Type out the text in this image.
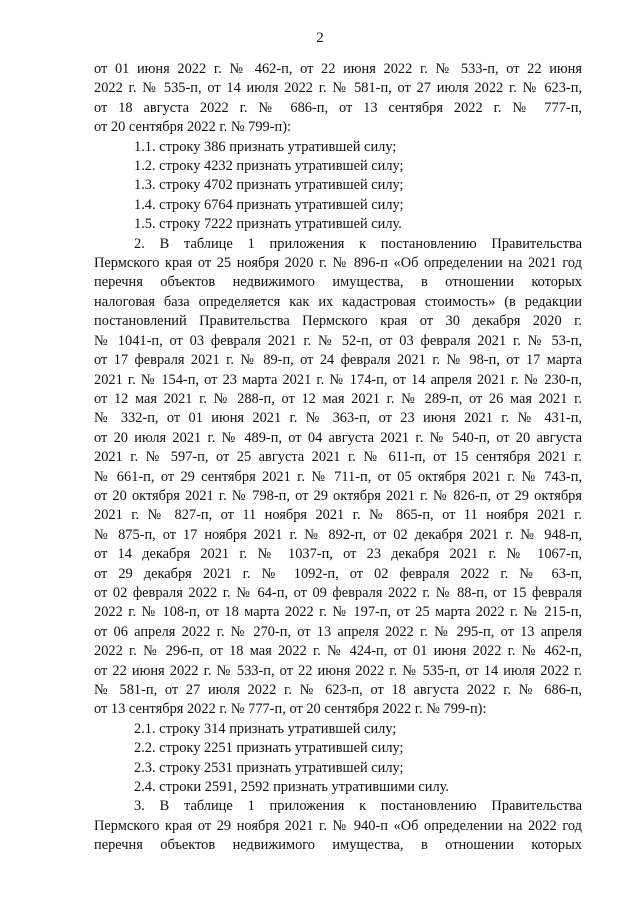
2

от 01 июня 2022 г. № 462-п, от 22 июня 2022 г. № 533-п, от 22 июня

2022 г. № 535-п, от 14 июля 2022 г. № 581-п, от 27 июля 2022 г. № 623-п,

от 18 августа 2022 г. № 686-п, от 13 сентября 2022 г. № 777-п,

от 20 сентября 2022 г. № 799-п):

1.1. строку 386 признать утратившей силу;

1.2. строку 4232 признать утратившей силу;

1.3. строку 4702 признать утратившей силу;

1.4. строку 6764 признать утратившей силу;

1.5. строку 7222 признать утратившей силу.

2. В таблице 1 приложения к постановлению Правительства

Пермского края от 25 ноября 2020 г. № 896-п «Об определении на 2021 год

перечня объектов недвижимого имущества, в отношении которых

налоговая база определяется как их кадастровая стоимость» (в редакции

постановлений Правительства Пермского края от 30 декабря 2020 г.

№ 1041-п, от 03 февраля 2021 г. № 52-п, от 03 февраля 2021 г. № 53-п,

от 17 февраля 2021 г. № 89-п, от 24 февраля 2021 г. № 98-п, от 17 марта

2021 г. № 154-п, от 23 марта 2021 г. № 174-п, от 14 апреля 2021 г. № 230-п,

от 12 мая 2021 г. № 288-п, от 12 мая 2021 г. № 289-п, от 26 мая 2021 г.

№ 332-п, от 01 июня 2021 г. № 363-п, от 23 июня 2021 г. № 431-п,

от 20 июля 2021 г. № 489-п, от 04 августа 2021 г. № 540-п, от 20 августа

2021 г. № 597-п, от 25 августа 2021 г. № 611-п, от 15 сентября 2021 г.

№ 661-п, от 29 сентября 2021 г. № 711-п, от 05 октября 2021 г. № 743-п,

от 20 октября 2021 г. № 798-п, от 29 октября 2021 г. № 826-п, от 29 октября

2021 г. № 827-п, от 11 ноября 2021 г. № 865-п, от 11 ноября 2021 г.

№ 875-п, от 17 ноября 2021 г. № 892-п, от 02 декабря 2021 г. № 948-п,

от 14 декабря 2021 г. № 1037-п, от 23 декабря 2021 г. № 1067-п,

от 29 декабря 2021 г. № 1092-п, от 02 февраля 2022 г. № 63-п,

от 02 февраля 2022 г. № 64-п, от 09 февраля 2022 г. № 88-п, от 15 февраля

2022 г. № 108-п, от 18 марта 2022 г. № 197-п, от 25 марта 2022 г. № 215-п,

от 06 апреля 2022 г. № 270-п, от 13 апреля 2022 г. № 295-п, от 13 апреля

2022 г. № 296-п, от 18 мая 2022 г. № 424-п, от 01 июня 2022 г. № 462-п,

от 22 июня 2022 г. № 533-п, от 22 июня 2022 г. № 535-п, от 14 июля 2022 г.

№ 581-п, от 27 июля 2022 г. № 623-п, от 18 августа 2022 г. № 686-п,

от 13 сентября 2022 г. № 777-п, от 20 сентября 2022 г. № 799-п):

2.1. строку 314 признать утратившей силу;

2.2. строку 2251 признать утратившей силу;

2.3. строку 2531 признать утратившей силу;

2.4. строки 2591, 2592 признать утратившими силу.

3. В таблице 1 приложения к постановлению Правительства

Пермского края от 29 ноября 2021 г. № 940-п «Об определении на 2022 год

перечня объектов недвижимого имущества, в отношении которых
